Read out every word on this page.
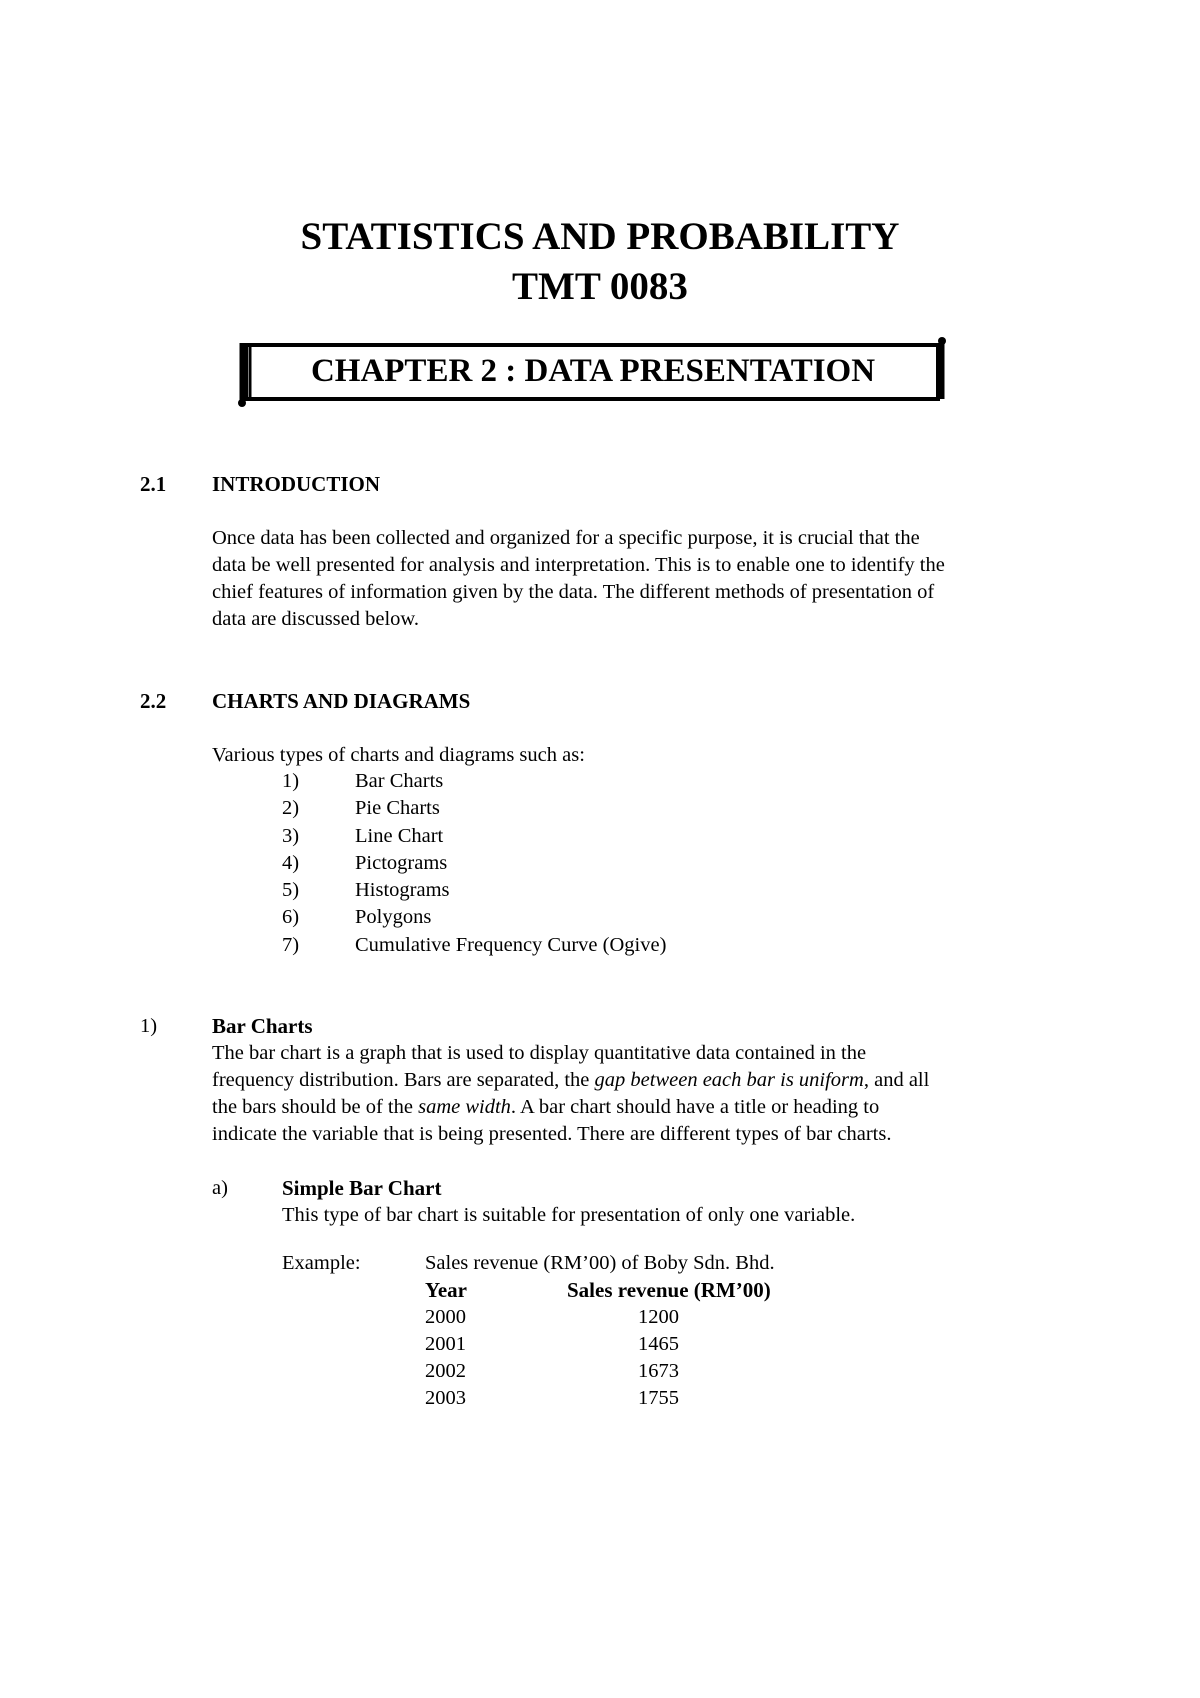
STATISTICS AND PROBABILITY
TMT 0083
CHAPTER 2 : DATA PRESENTATION
2.1 INTRODUCTION
Once data has been collected and organized for a specific purpose, it is crucial that the
data be well presented for analysis and interpretation. This is to enable one to identify the
chief features of information given by the data. The different methods of presentation of
data are discussed below.
2.2 CHARTS AND DIAGRAMS
Various types of charts and diagrams such as:
1)	Bar Charts
2)	Pie Charts
3)	Line Chart
4)	Pictograms
5)	Histograms
6)	Polygons
7)	Cumulative Frequency Curve (Ogive)
1)	Bar Charts
The bar chart is a graph that is used to display quantitative data contained in the
frequency distribution. Bars are separated, the gap between each bar is uniform, and all
the bars should be of the same width. A bar chart should have a title or heading to
indicate the variable that is being presented. There are different types of bar charts.
a)	Simple Bar Chart
This type of bar chart is suitable for presentation of only one variable.
Example:	Sales revenue (RM’00) of Boby Sdn. Bhd.
Year	Sales revenue (RM’00)
2000	1200
2001	1465
2002	1673
2003	1755
